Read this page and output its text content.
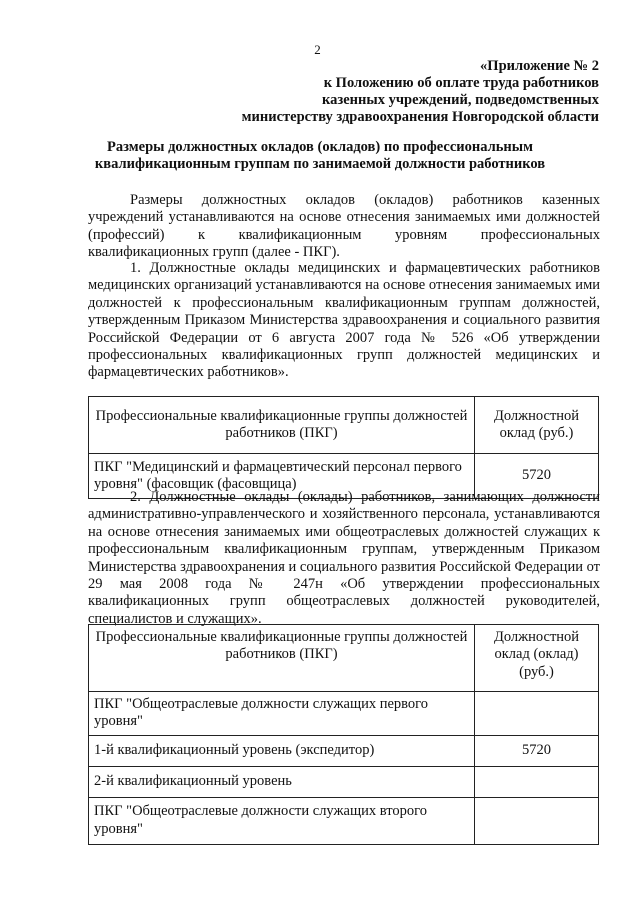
2
«Приложение № 2
к Положению об оплате труда работников
казенных учреждений, подведомственных
министерству здравоохранения Новгородской области
Размеры должностных окладов (окладов) по профессиональным квалификационным группам по занимаемой должности работников
Размеры должностных окладов (окладов) работников казенных учреждений устанавливаются на основе отнесения занимаемых ими должностей (профессий) к квалификационным уровням профессиональных квалификационных групп (далее - ПКГ).
1. Должностные оклады медицинских и фармацевтических работников медицинских организаций устанавливаются на основе отнесения занимаемых ими должностей к профессиональным квалификационным группам должностей, утвержденным Приказом Министерства здравоохранения и социального развития Российской Федерации от 6 августа 2007 года № 526 «Об утверждении профессиональных квалификационных групп должностей медицинских и фармацевтических работников».
Профессиональные квалификационные группы должностей работников (ПКГ)	Должностной оклад (руб.)
ПКГ "Медицинский и фармацевтический персонал первого уровня" (фасовщик (фасовщица)	5720
2. Должностные оклады (оклады) работников, занимающих должности административно-управленческого и хозяйственного персонала, устанавливаются на основе отнесения занимаемых ими общеотраслевых должностей служащих к профессиональным квалификационным группам, утвержденным Приказом Министерства здравоохранения и социального развития Российской Федерации от 29 мая 2008 года № 247н «Об утверждении профессиональных квалификационных групп общеотраслевых должностей руководителей, специалистов и служащих».
Профессиональные квалификационные группы должностей работников (ПКГ)	Должностной оклад (оклад) (руб.)
ПКГ "Общеотраслевые должности служащих первого уровня"	
1-й квалификационный уровень (экспедитор)	5720
2-й квалификационный уровень	
ПКГ "Общеотраслевые должности служащих второго уровня"	
